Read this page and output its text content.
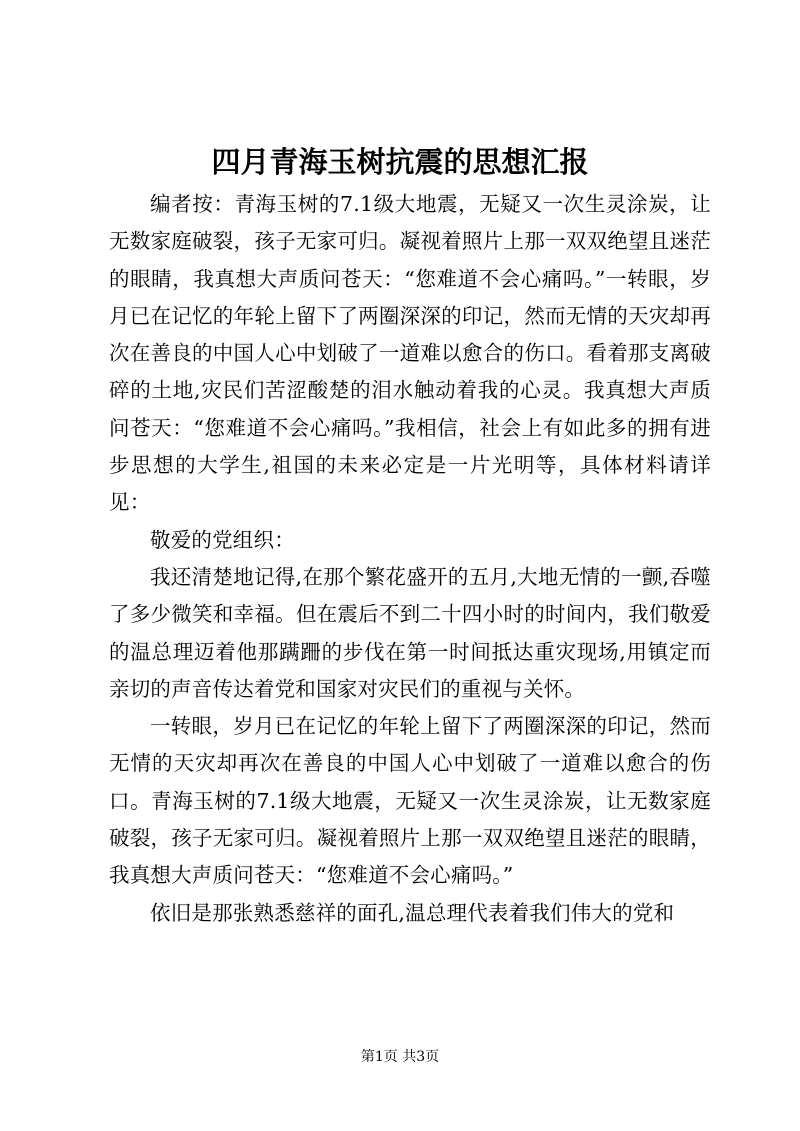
四月青海玉树抗震的思想汇报

编者按：青海玉树的7.1级大地震，无疑又一次生灵涂炭，让无数家庭破裂，孩子无家可归。凝视着照片上那一双双绝望且迷茫的眼睛，我真想大声质问苍天：“您难道不会心痛吗。”一转眼，岁月已在记忆的年轮上留下了两圈深深的印记，然而无情的天灾却再次在善良的中国人心中划破了一道难以愈合的伤口。看着那支离破碎的土地,灾民们苦涩酸楚的泪水触动着我的心灵。我真想大声质问苍天：“您难道不会心痛吗。”我相信，社会上有如此多的拥有进步思想的大学生,祖国的未来必定是一片光明等，具体材料请详见：

敬爱的党组织：

我还清楚地记得,在那个繁花盛开的五月,大地无情的一颤,吞噬了多少微笑和幸福。但在震后不到二十四小时的时间内，我们敬爱的温总理迈着他那蹒跚的步伐在第一时间抵达重灾现场,用镇定而亲切的声音传达着党和国家对灾民们的重视与关怀。

一转眼，岁月已在记忆的年轮上留下了两圈深深的印记，然而无情的天灾却再次在善良的中国人心中划破了一道难以愈合的伤口。青海玉树的7.1级大地震，无疑又一次生灵涂炭，让无数家庭破裂，孩子无家可归。凝视着照片上那一双双绝望且迷茫的眼睛，我真想大声质问苍天：“您难道不会心痛吗。”

依旧是那张熟悉慈祥的面孔,温总理代表着我们伟大的党和

第1页 共3页
